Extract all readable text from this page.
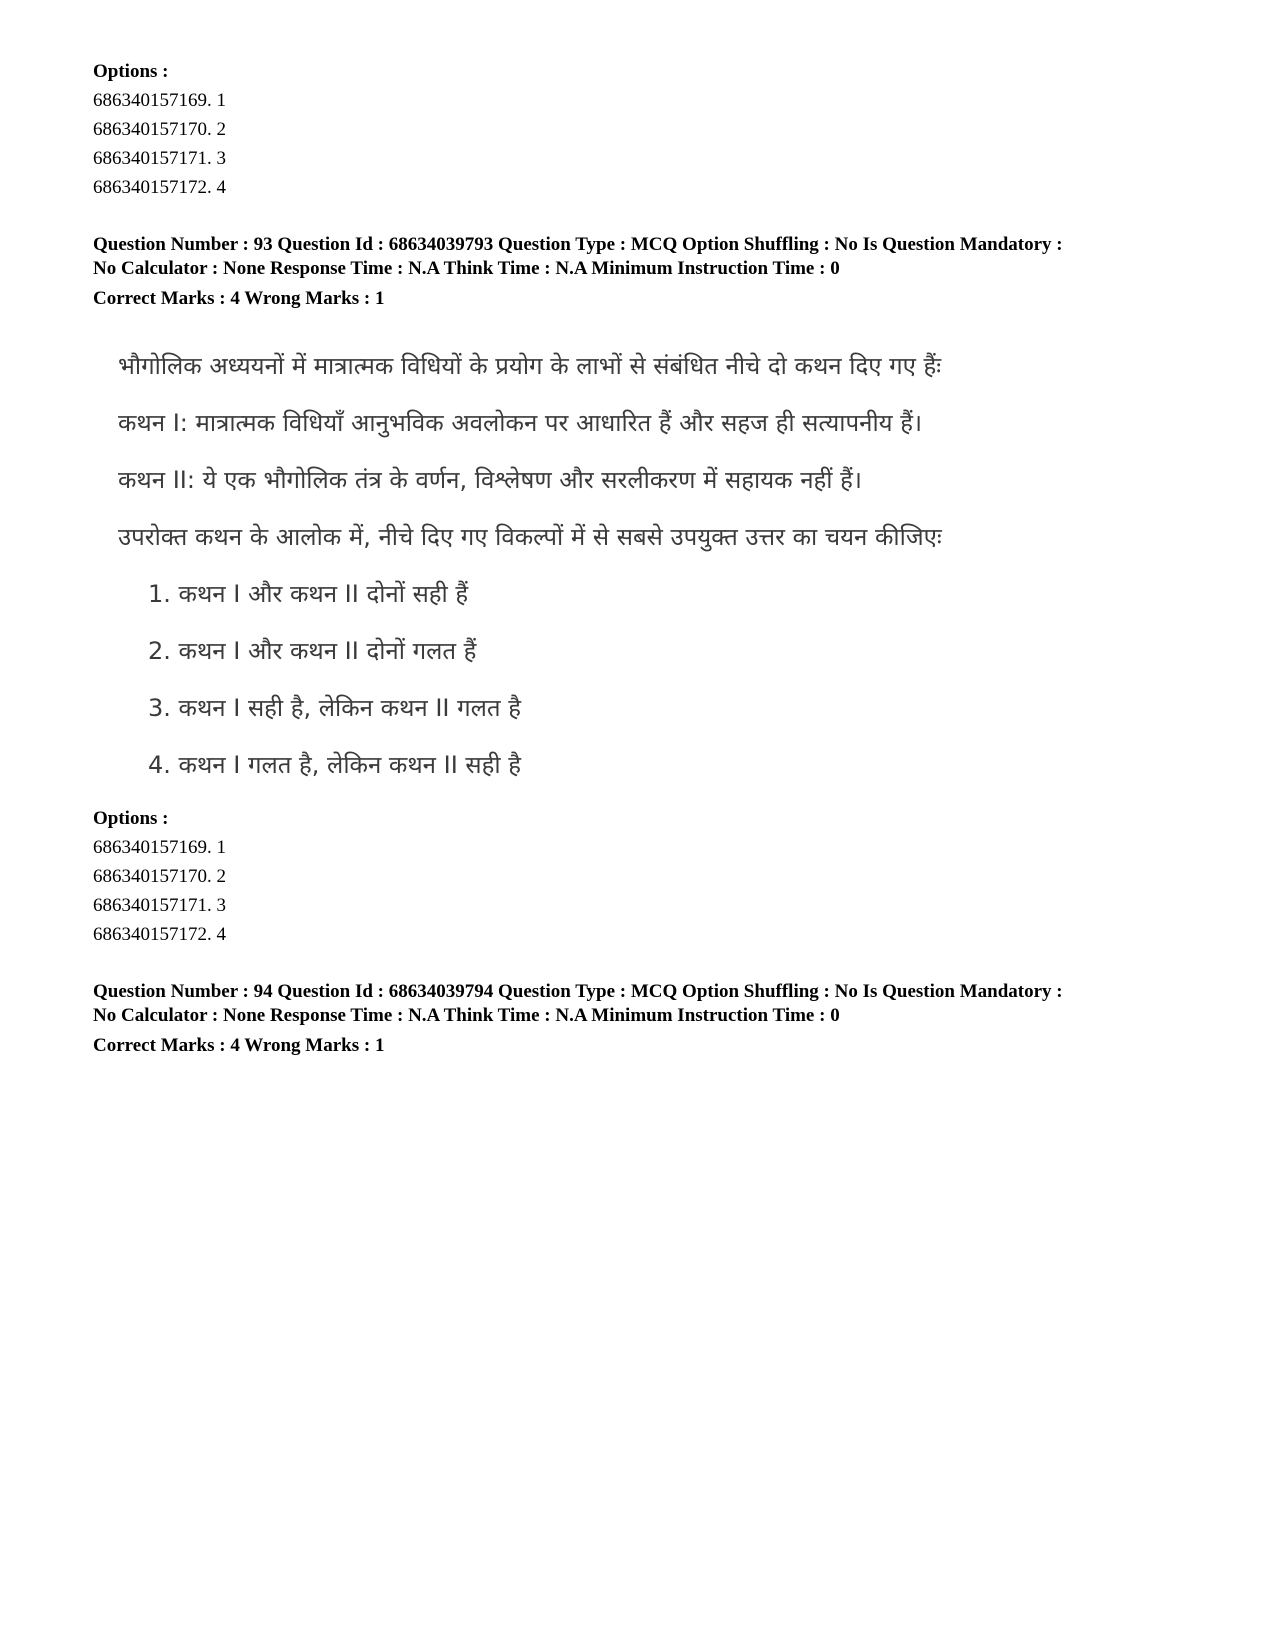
Options :
686340157169. 1
686340157170. 2
686340157171. 3
686340157172. 4
Question Number : 93 Question Id : 68634039793 Question Type : MCQ Option Shuffling : No Is Question Mandatory :
No Calculator : None Response Time : N.A Think Time : N.A Minimum Instruction Time : 0
Correct Marks : 4 Wrong Marks : 1
भौगोलिक अध्ययनों में मात्रात्मक विधियों के प्रयोग के लाभों से संबंधित नीचे दो कथन दिए गए हैंः
कथन I: मात्रात्मक विधियाँ आनुभविक अवलोकन पर आधारित हैं और सहज ही सत्यापनीय हैं।
कथन II: ये एक भौगोलिक तंत्र के वर्णन, विश्लेषण और सरलीकरण में सहायक नहीं हैं।
उपरोक्त कथन के आलोक में, नीचे दिए गए विकल्पों में से सबसे उपयुक्त उत्तर का चयन कीजिएः
1. कथन I और कथन II दोनों सही हैं
2. कथन I और कथन II दोनों गलत हैं
3. कथन I सही है, लेकिन कथन II गलत है
4. कथन I गलत है, लेकिन कथन II सही है
Options :
686340157169. 1
686340157170. 2
686340157171. 3
686340157172. 4
Question Number : 94 Question Id : 68634039794 Question Type : MCQ Option Shuffling : No Is Question Mandatory :
No Calculator : None Response Time : N.A Think Time : N.A Minimum Instruction Time : 0
Correct Marks : 4 Wrong Marks : 1
